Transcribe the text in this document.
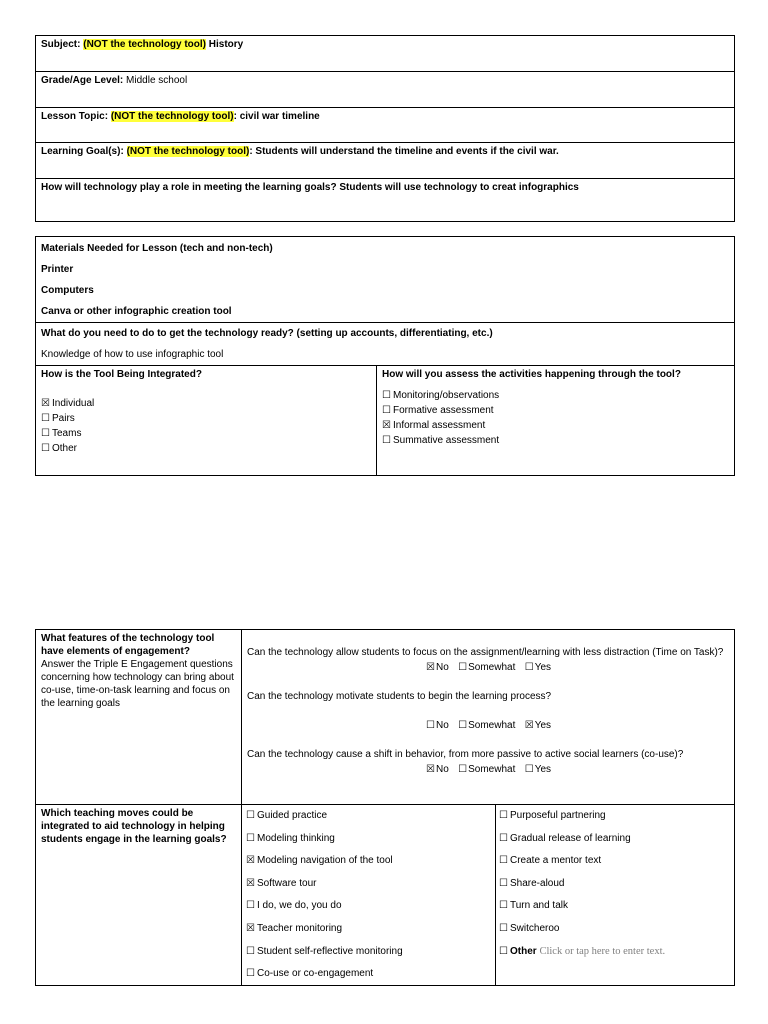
Subject: (NOT the technology tool) History
Grade/Age Level: Middle school
Lesson Topic: (NOT the technology tool): civil war timeline
Learning Goal(s): (NOT the technology tool): Students will understand the timeline and events if the civil war.
How will technology play a role in meeting the learning goals? Students will use technology to creat infographics
Materials Needed for Lesson (tech and non-tech)
Printer
Computers
Canva or other infographic creation tool
What do you need to do to get the technology ready? (setting up accounts, differentiating, etc.)
Knowledge of how to use infographic tool
How is the Tool Being Integrated?
☒ Individual
☐ Pairs
☐ Teams
☐ Other
How will you assess the activities happening through the tool?
☐ Monitoring/observations
☐ Formative assessment
☒ Informal assessment
☐ Summative assessment
What features of the technology tool have elements of engagement?
Answer the Triple E Engagement questions concerning how technology can bring about co-use, time-on-task learning and focus on the learning goals
Can the technology allow students to focus on the assignment/learning with less distraction (Time on Task)?
☒No ☐Somewhat ☐Yes
Can the technology motivate students to begin the learning process?
☐No ☐Somewhat ☒Yes
Can the technology cause a shift in behavior, from more passive to active social learners (co-use)?
☒No ☐Somewhat ☐Yes
Which teaching moves could be integrated to aid technology in helping students engage in the learning goals?
☐ Guided practice
☐ Modeling thinking
☒ Modeling navigation of the tool
☒ Software tour
☐ I do, we do, you do
☒ Teacher monitoring
☐ Student self-reflective monitoring
☐ Co-use or co-engagement
☐ Purposeful partnering
☐ Gradual release of learning
☐ Create a mentor text
☐ Share-aloud
☐ Turn and talk
☐ Switcheroo
☐ Other Click or tap here to enter text.
